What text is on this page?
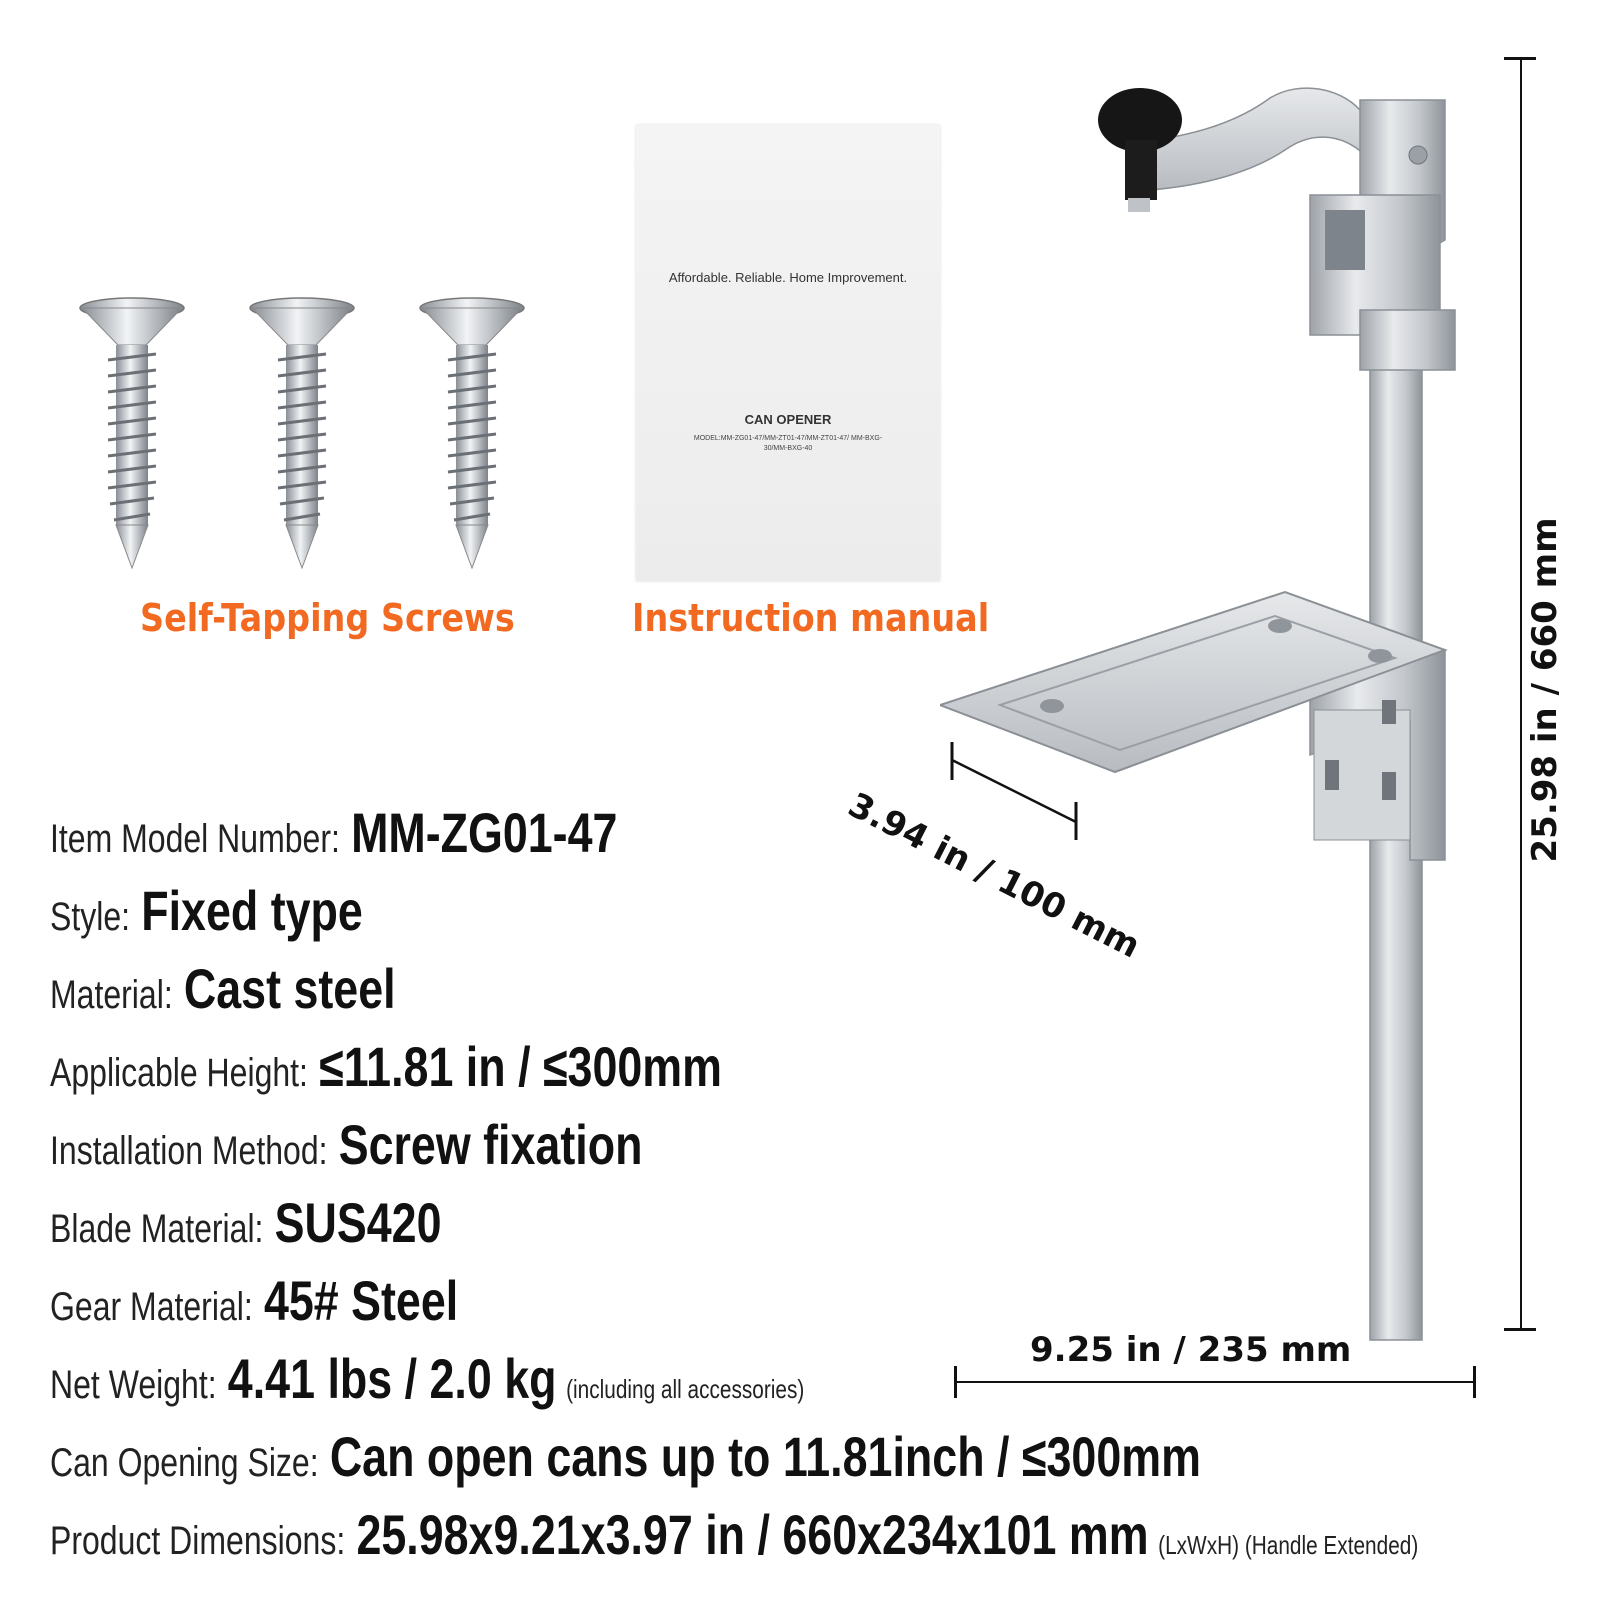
Self-Tapping Screws
Affordable. Reliable. Home Improvement.
CAN OPENER
MODEL:MM-ZG01-47/MM-ZT01-47/MM-ZT01-47/ MM-BXG-30/MM-BXG-40
Instruction manual	25.98 in / 660 mm
9.25 in / 235 mm
3.94 in / 100 mm
Item Model Number: MM-ZG01-47
Style: Fixed type
Material: Cast steel
Applicable Height: ≤11.81 in / ≤300mm
Installation Method: Screw fixation
Blade Material: SUS420
Gear Material: 45# Steel
Net Weight: 4.41 lbs / 2.0 kg (including all accessories)
Can Opening Size: Can open cans up to 11.81inch / ≤300mm
Product Dimensions: 25.98x9.21x3.97 in / 660x234x101 mm (LxWxH) (Handle Extended)
